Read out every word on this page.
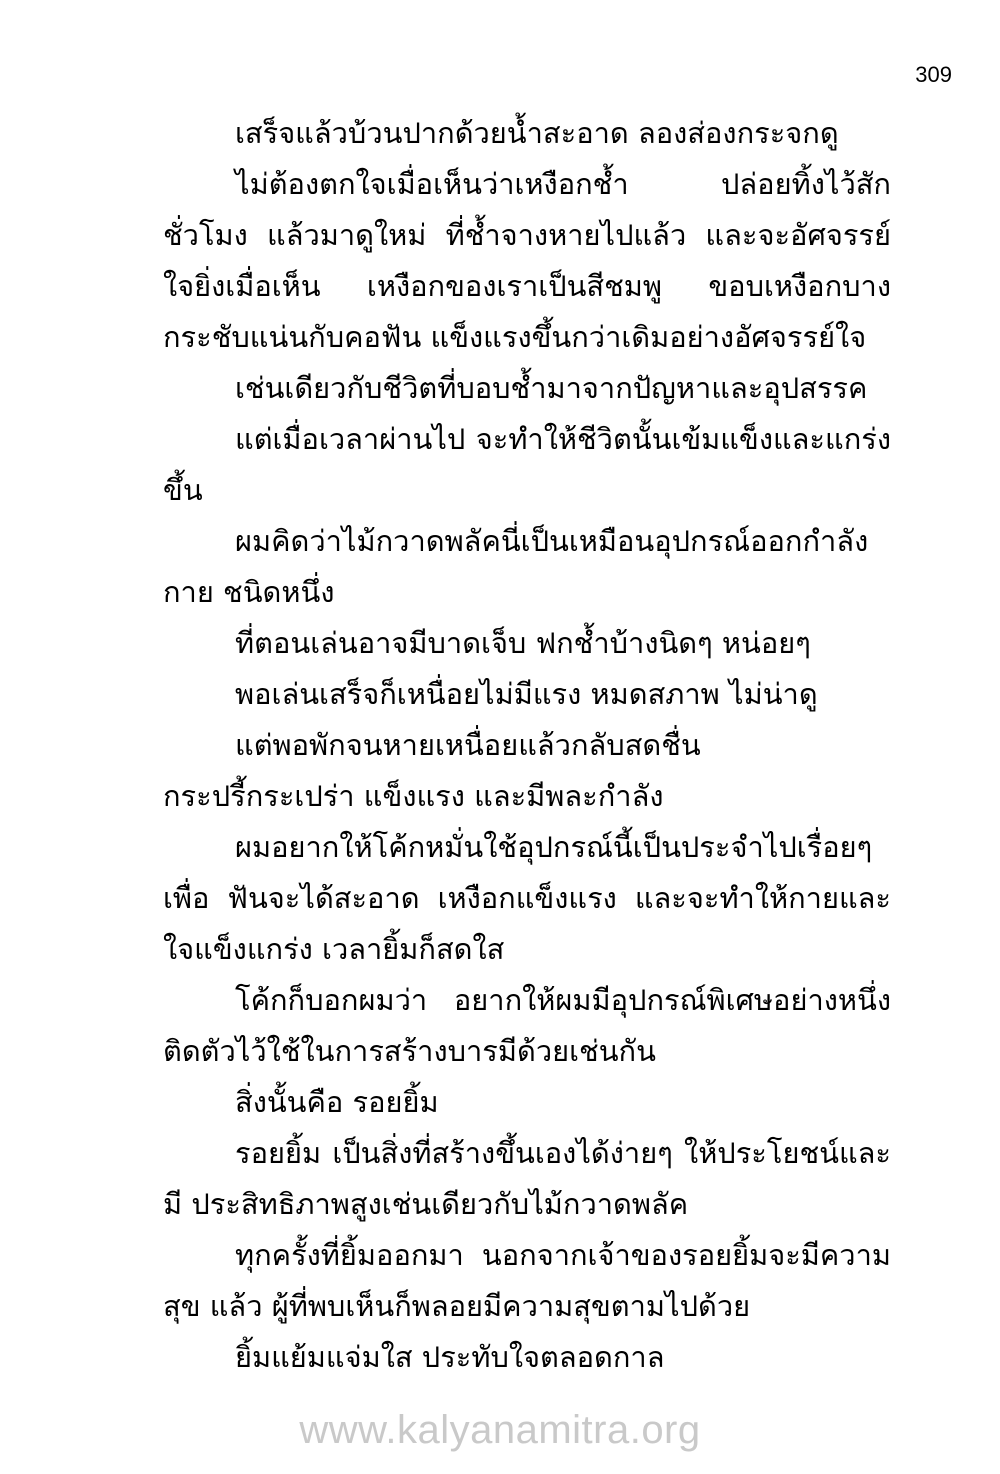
309

เสร็จแล้วบ้วนปากด้วยน้ำสะอาด ลองส่องกระจกดู

ไม่ต้องตกใจเมื่อเห็นว่าเหงือกช้ำ ปล่อยทิ้งไว้สักชั่วโมง แล้วมาดูใหม่ ที่ช้ำจางหายไปแล้ว และจะอัศจรรย์ใจยิ่งเมื่อเห็น เหงือกของเราเป็นสีชมพู ขอบเหงือกบางกระชับแน่นกับคอฟัน แข็งแรงขึ้นกว่าเดิมอย่างอัศจรรย์ใจ

เช่นเดียวกับชีวิตที่บอบช้ำมาจากปัญหาและอุปสรรค

แต่เมื่อเวลาผ่านไป จะทำให้ชีวิตนั้นเข้มแข็งและแกร่งขึ้น

ผมคิดว่าไม้กวาดพลัคนี่เป็นเหมือนอุปกรณ์ออกกำลังกาย ชนิดหนึ่ง

ที่ตอนเล่นอาจมีบาดเจ็บ ฟกช้ำบ้างนิดๆ หน่อยๆ

พอเล่นเสร็จก็เหนื่อยไม่มีแรง หมดสภาพ ไม่น่าดู

แต่พอพักจนหายเหนื่อยแล้วกลับสดชื่นกระปรี้กระเปร่า แข็งแรง และมีพละกำลัง

ผมอยากให้โค้กหมั่นใช้อุปกรณ์นี้เป็นประจำไปเรื่อยๆ เพื่อ ฟันจะได้สะอาด เหงือกแข็งแรง และจะทำให้กายและใจแข็งแกร่ง เวลายิ้มก็สดใส

โค้กก็บอกผมว่า อยากให้ผมมีอุปกรณ์พิเศษอย่างหนึ่ง ติดตัวไว้ใช้ในการสร้างบารมีด้วยเช่นกัน

สิ่งนั้นคือ รอยยิ้ม

รอยยิ้ม เป็นสิ่งที่สร้างขึ้นเองได้ง่ายๆ ให้ประโยชน์และมี ประสิทธิภาพสูงเช่นเดียวกับไม้กวาดพลัค

ทุกครั้งที่ยิ้มออกมา นอกจากเจ้าของรอยยิ้มจะมีความสุข แล้ว ผู้ที่พบเห็นก็พลอยมีความสุขตามไปด้วย

ยิ้มแย้มแจ่มใส ประทับใจตลอดกาล

www.kalyanamitra.org
